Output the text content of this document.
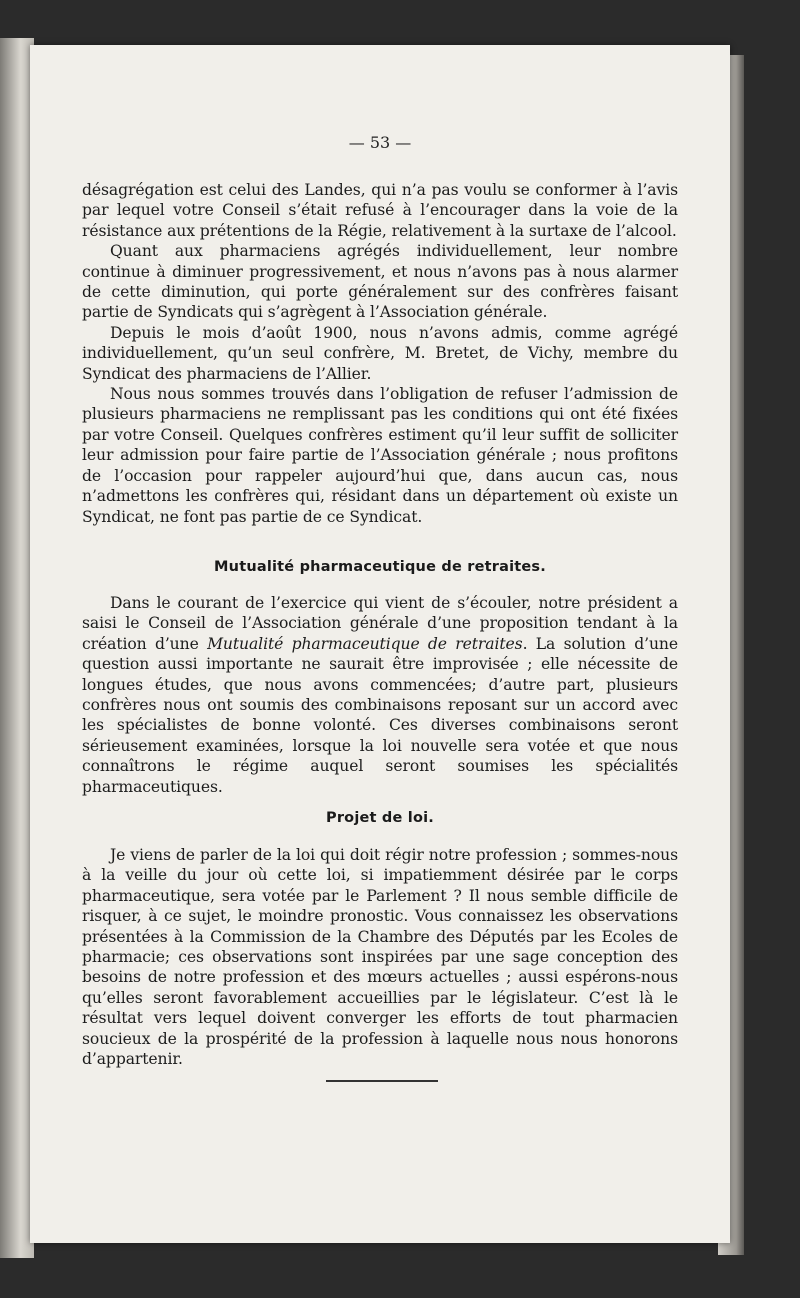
— 53 —

désagrégation est celui des Landes, qui n’a pas voulu se conformer à l’avis par lequel votre Conseil s’était refusé à l’encourager dans la voie de la résistance aux prétentions de la Régie, relativement à la surtaxe de l’alcool.

Quant aux pharmaciens agrégés individuellement, leur nombre continue à diminuer progressivement, et nous n’avons pas à nous alarmer de cette diminution, qui porte généralement sur des confrères faisant partie de Syndicats qui s’agrègent à l’Association générale.

Depuis le mois d’août 1900, nous n’avons admis, comme agrégé individuellement, qu’un seul confrère, M. Bretet, de Vichy, membre du Syndicat des pharmaciens de l’Allier.

Nous nous sommes trouvés dans l’obligation de refuser l’admission de plusieurs pharmaciens ne remplissant pas les conditions qui ont été fixées par votre Conseil. Quelques confrères estiment qu’il leur suffit de solliciter leur admission pour faire partie de l’Association générale ; nous profitons de l’occasion pour rappeler aujourd’hui que, dans aucun cas, nous n’admettons les confrères qui, résidant dans un département où existe un Syndicat, ne font pas partie de ce Syndicat.

Mutualité pharmaceutique de retraites.

Dans le courant de l’exercice qui vient de s’écouler, notre président a saisi le Conseil de l’Association générale d’une proposition tendant à la création d’une Mutualité pharmaceutique de retraites. La solution d’une question aussi importante ne saurait être improvisée ; elle nécessite de longues études, que nous avons commencées; d’autre part, plusieurs confrères nous ont soumis des combinaisons reposant sur un accord avec les spécialistes de bonne volonté. Ces diverses combinaisons seront sérieusement examinées, lorsque la loi nouvelle sera votée et que nous connaîtrons le régime auquel seront soumises les spécialités pharmaceutiques.

Projet de loi.

Je viens de parler de la loi qui doit régir notre profession ; sommes-nous à la veille du jour où cette loi, si impatiemment désirée par le corps pharmaceutique, sera votée par le Parlement ? Il nous semble difficile de risquer, à ce sujet, le moindre pronostic. Vous connaissez les observations présentées à la Commission de la Chambre des Députés par les Ecoles de pharmacie; ces observations sont inspirées par une sage conception des besoins de notre profession et des mœurs actuelles ; aussi espérons-nous qu’elles seront favorablement accueillies par le législateur. C’est là le résultat vers lequel doivent converger les efforts de tout pharmacien soucieux de la prospérité de la profession à laquelle nous nous honorons d’appartenir.
